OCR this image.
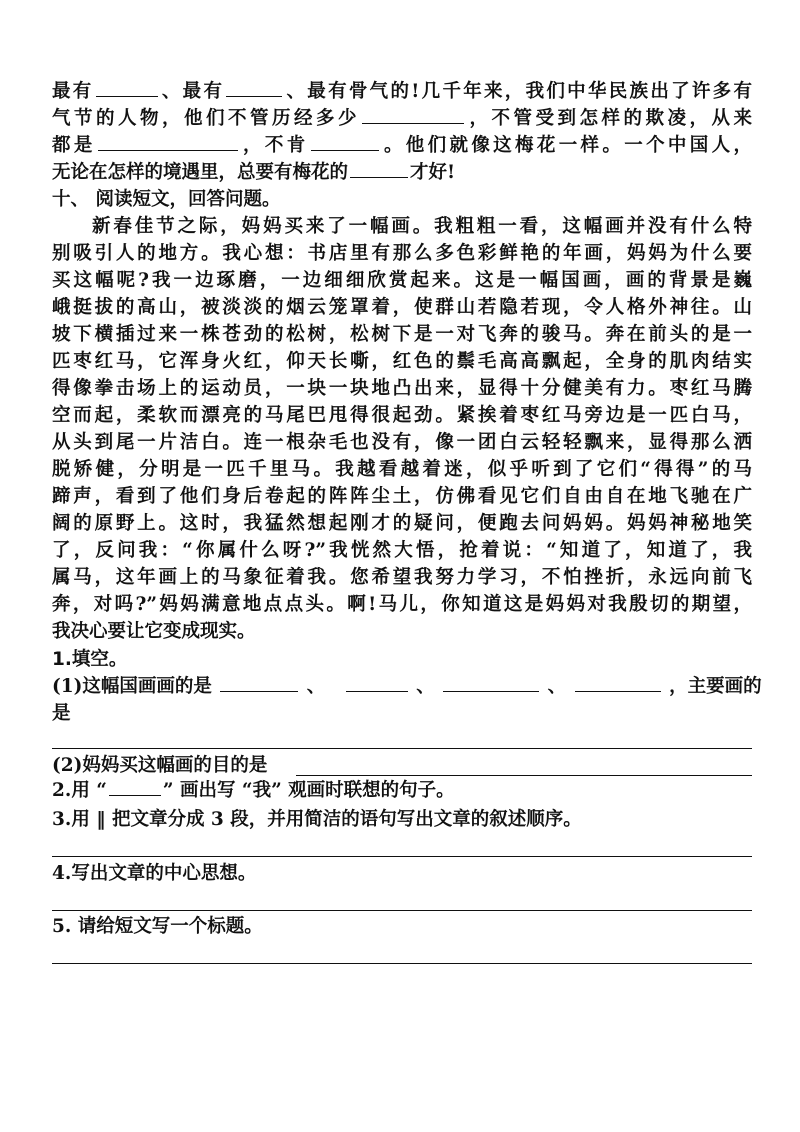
最有	、最有	、最有骨气的!几千年来，我们中华民族出了许多有
气节的人物，他们不管历经多少	，不管受到怎样的欺凌，从来
都是	，不肯	。他们就像这梅花一样。一个中国人，
无论在怎样的境遇里，总要有梅花的	才好!
十、 阅读短文，回答问题。
新春佳节之际，妈妈买来了一幅画。我粗粗一看，这幅画并没有什么特
别吸引人的地方。我心想：书店里有那么多色彩鲜艳的年画，妈妈为什么要
买这幅呢?我一边琢磨，一边细细欣赏起来。这是一幅国画，画的背景是巍
峨挺拔的高山，被淡淡的烟云笼罩着，使群山若隐若现，令人格外神往。山
坡下横插过来一株苍劲的松树，松树下是一对飞奔的骏马。奔在前头的是一
匹枣红马，它浑身火红，仰天长嘶，红色的鬃毛高高飘起，全身的肌肉结实
得像拳击场上的运动员，一块一块地凸出来，显得十分健美有力。枣红马腾
空而起，柔软而漂亮的马尾巴甩得很起劲。紧挨着枣红马旁边是一匹白马，
从头到尾一片洁白。连一根杂毛也没有，像一团白云轻轻飘来，显得那么洒
脱矫健，分明是一匹千里马。我越看越着迷，似乎听到了它们“得得”的马
蹄声，看到了他们身后卷起的阵阵尘土，仿佛看见它们自由自在地飞驰在广
阔的原野上。这时，我猛然想起刚才的疑问，便跑去问妈妈。妈妈神秘地笑
了，反问我：“你属什么呀?”我恍然大悟，抢着说：“知道了，知道了，我
属马，这年画上的马象征着我。您希望我努力学习，不怕挫折，永远向前飞
奔，对吗?”妈妈满意地点点头。啊!马儿，你知道这是妈妈对我殷切的期望，
我决心要让它变成现实。
1.填空。
(1)这幅国画画的是	、	、	、	，主要画的
是
(2)妈妈买这幅画的目的是
2.用 “	” 画出写 “我” 观画时联想的句子。
3.用 ‖ 把文章分成 3 段，并用简洁的语句写出文章的叙述顺序。
4.写出文章的中心思想。
5. 请给短文写一个标题。
